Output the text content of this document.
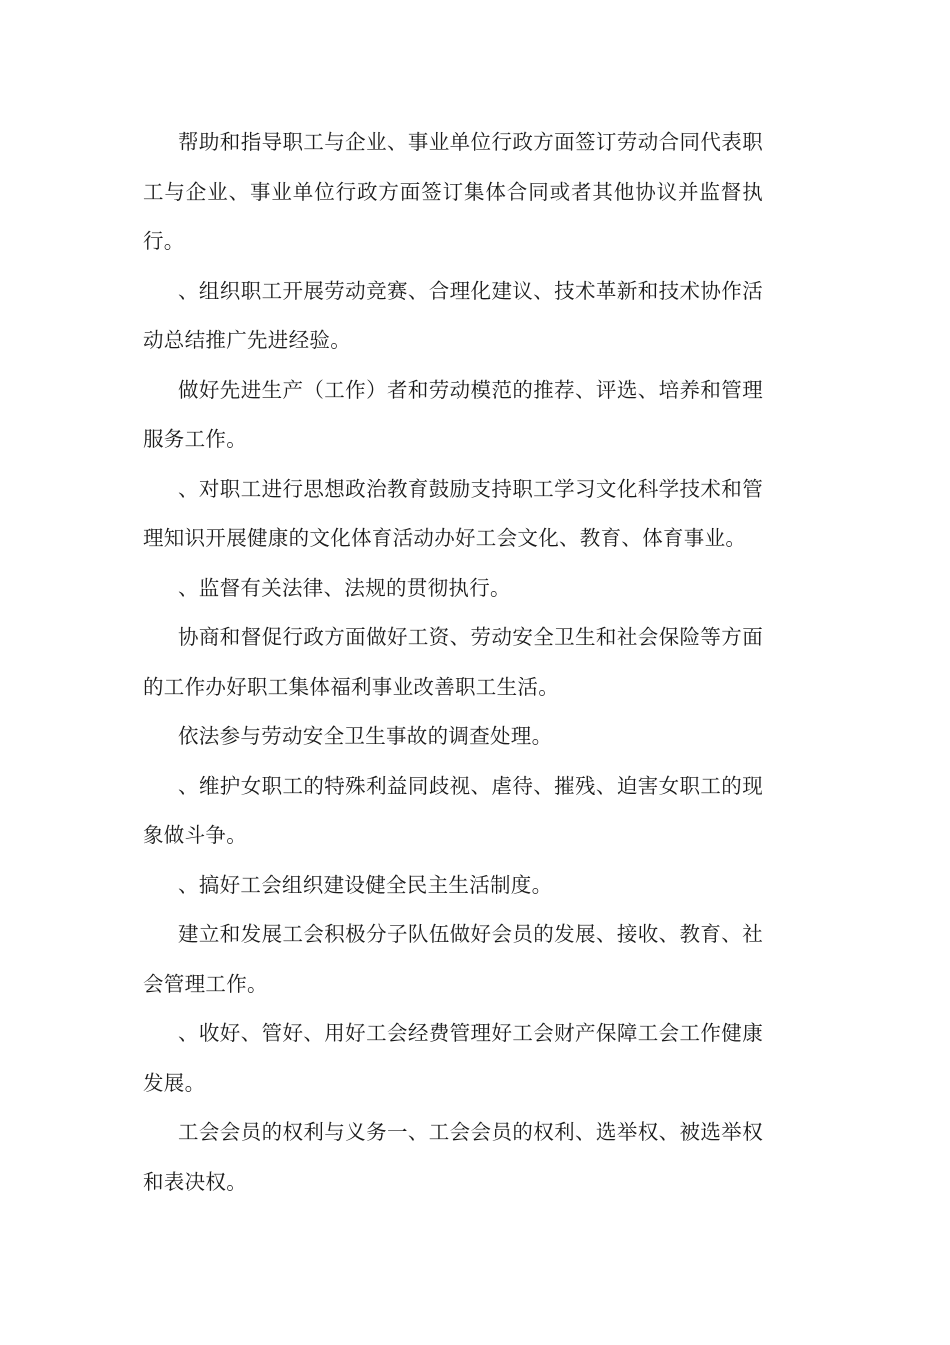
帮助和指导职工与企业、事业单位行政方面签订劳动合同代表职工与企业、事业单位行政方面签订集体合同或者其他协议并监督执行。

、组织职工开展劳动竞赛、合理化建议、技术革新和技术协作活动总结推广先进经验。

做好先进生产（工作）者和劳动模范的推荐、评选、培养和管理服务工作。

、对职工进行思想政治教育鼓励支持职工学习文化科学技术和管理知识开展健康的文化体育活动办好工会文化、教育、体育事业。

、监督有关法律、法规的贯彻执行。

协商和督促行政方面做好工资、劳动安全卫生和社会保险等方面的工作办好职工集体福利事业改善职工生活。

依法参与劳动安全卫生事故的调查处理。

、维护女职工的特殊利益同歧视、虐待、摧残、迫害女职工的现象做斗争。

、搞好工会组织建设健全民主生活制度。

建立和发展工会积极分子队伍做好会员的发展、接收、教育、社会管理工作。

、收好、管好、用好工会经费管理好工会财产保障工会工作健康发展。

工会会员的权利与义务一、工会会员的权利、选举权、被选举权和表决权。
